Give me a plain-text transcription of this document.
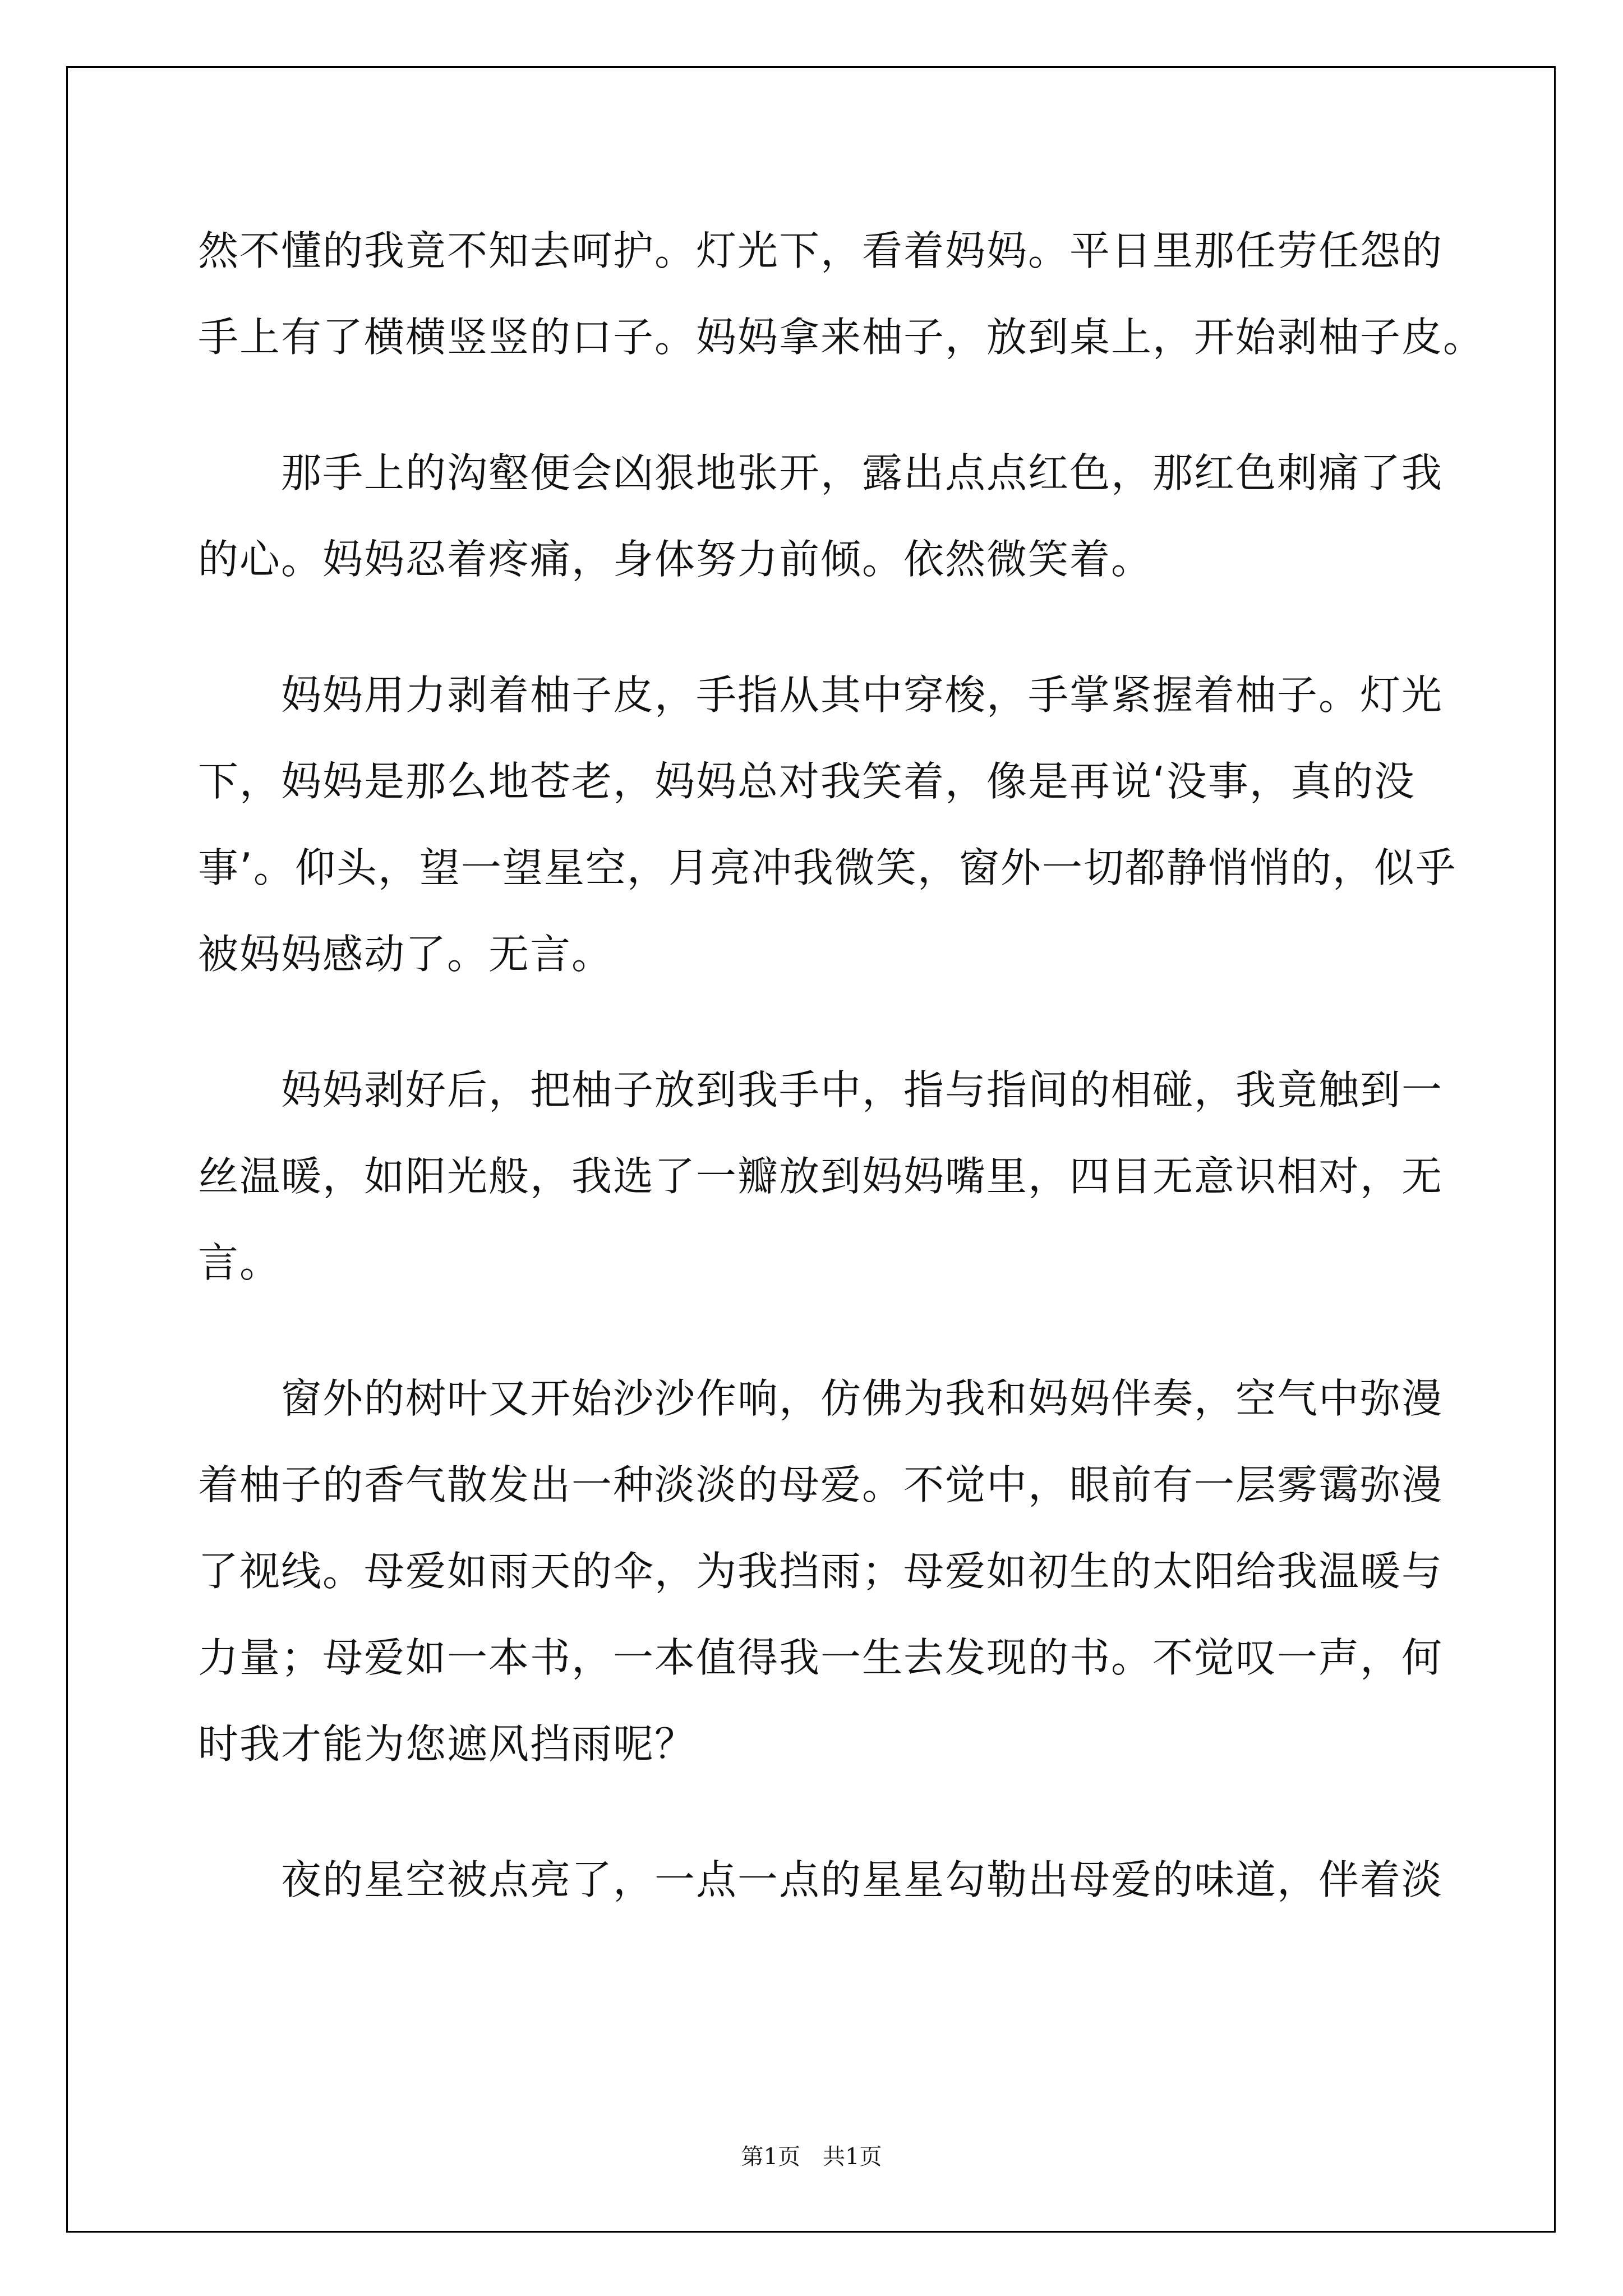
然不懂的我竟不知去呵护。灯光下，看着妈妈。平日里那任劳任怨的
手上有了横横竖竖的口子。妈妈拿来柚子，放到桌上，开始剥柚子皮。
　　那手上的沟壑便会凶狠地张开，露出点点红色，那红色刺痛了我
的心。妈妈忍着疼痛，身体努力前倾。依然微笑着。
　　妈妈用力剥着柚子皮，手指从其中穿梭，手掌紧握着柚子。灯光
下，妈妈是那么地苍老，妈妈总对我笑着，像是再说‘没事，真的没
事’。仰头，望一望星空，月亮冲我微笑，窗外一切都静悄悄的，似乎
被妈妈感动了。无言。
　　妈妈剥好后，把柚子放到我手中，指与指间的相碰，我竟触到一
丝温暖，如阳光般，我选了一瓣放到妈妈嘴里，四目无意识相对，无
言。
　　窗外的树叶又开始沙沙作响，仿佛为我和妈妈伴奏，空气中弥漫
着柚子的香气散发出一种淡淡的母爱。不觉中，眼前有一层雾霭弥漫
了视线。母爱如雨天的伞，为我挡雨；母爱如初生的太阳给我温暖与
力量；母爱如一本书，一本值得我一生去发现的书。不觉叹一声，何
时我才能为您遮风挡雨呢？
　　夜的星空被点亮了，一点一点的星星勾勒出母爱的味道，伴着淡
第1页　共1页
